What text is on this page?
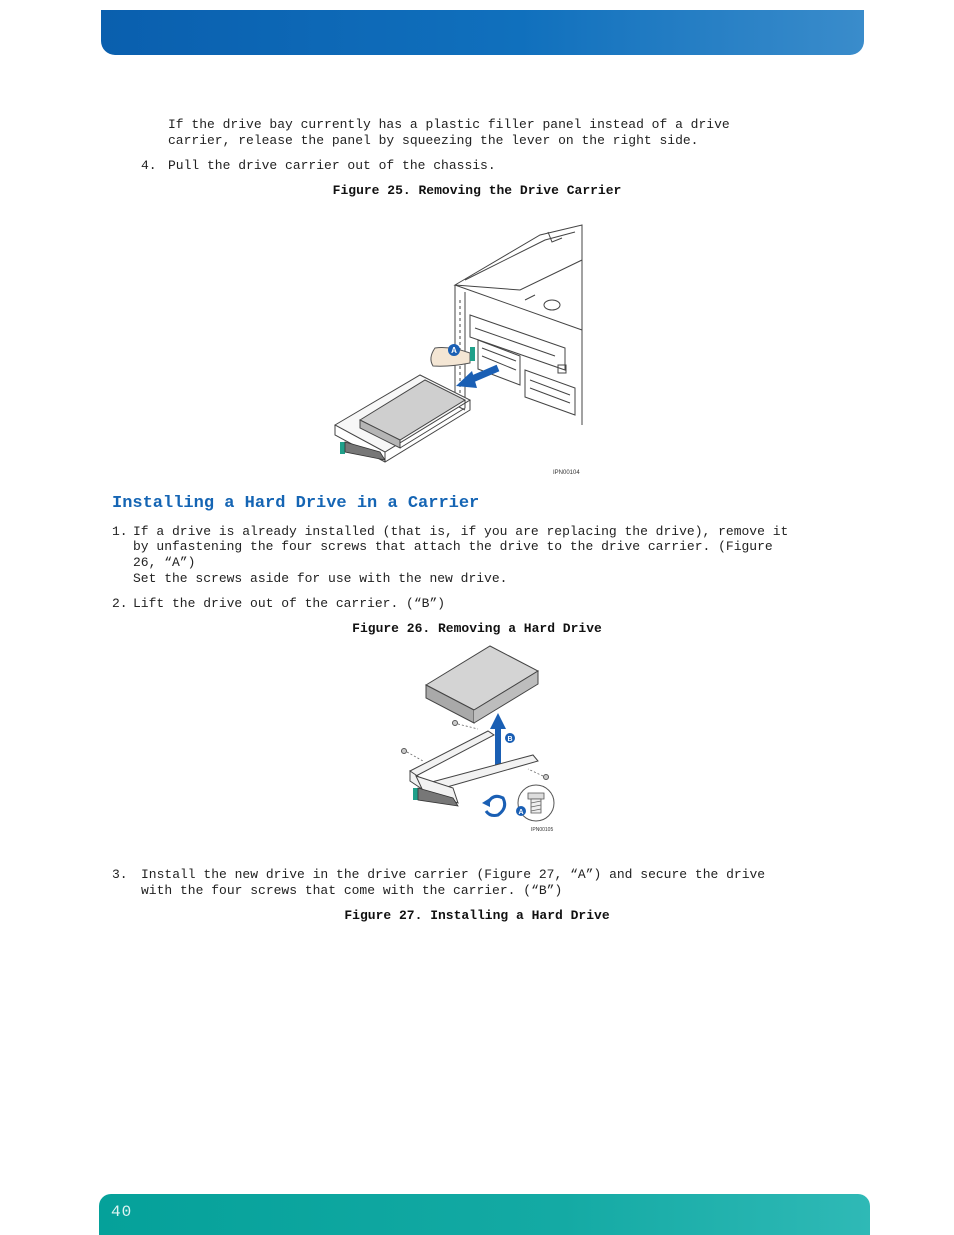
If the drive bay currently has a plastic filler panel instead of a drive
carrier, release the panel by squeezing the lever on the right side.
4. Pull the drive carrier out of the chassis.
Figure 25. Removing the Drive Carrier
A
IPN00104
Installing a Hard Drive in a Carrier
1. If a drive is already installed (that is, if you are replacing the drive), remove it
by unfastening the four screws that attach the drive to the drive carrier. (Figure
26, “A”)
Set the screws aside for use with the new drive.
2. Lift the drive out of the carrier. (“B”)
Figure 26. Removing a Hard Drive
B
A
IPN00105
3. Install the new drive in the drive carrier (Figure 27, “A”) and secure the drive
with the four screws that come with the carrier. (“B”)
Figure 27. Installing a Hard Drive
40
